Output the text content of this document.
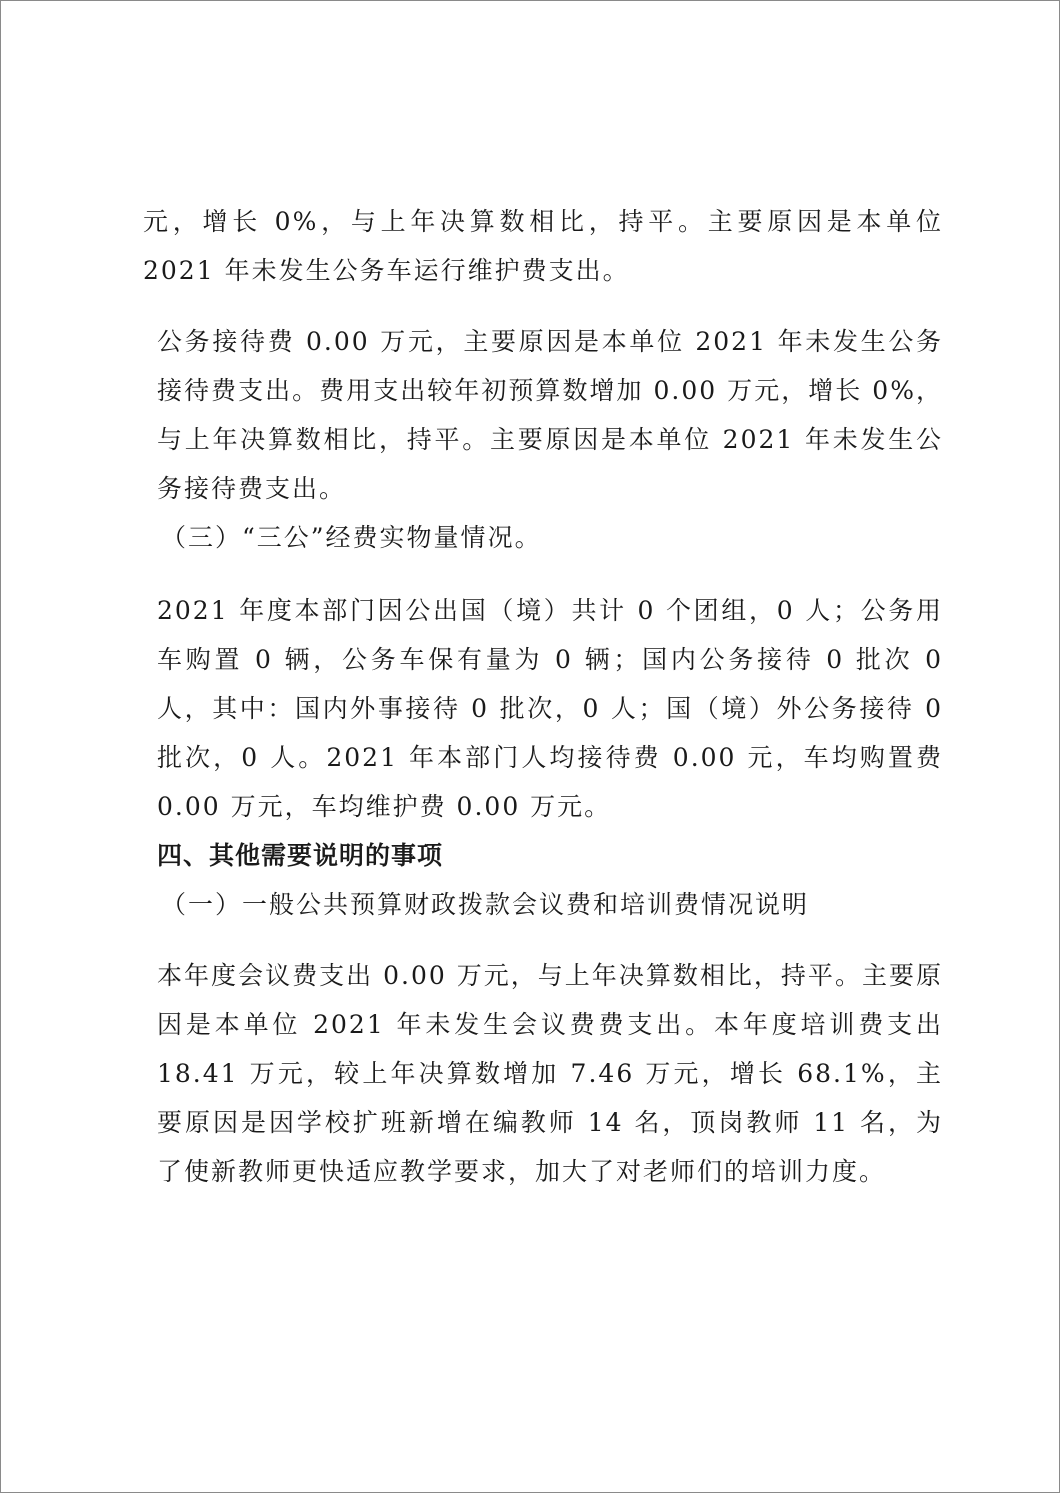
元，增长 0%，与上年决算数相比，持平。主要原因是本单位2021 年未发生公务车运行维护费支出。

公务接待费 0.00 万元，主要原因是本单位 2021 年未发生公务接待费支出。费用支出较年初预算数增加 0.00 万元，增长 0%，与上年决算数相比，持平。主要原因是本单位 2021 年未发生公务接待费支出。

（三）“三公”经费实物量情况。

2021 年度本部门因公出国（境）共计 0 个团组，0 人；公务用车购置 0 辆，公务车保有量为 0 辆；国内公务接待 0 批次 0 人，其中：国内外事接待 0 批次，0 人；国（境）外公务接待 0 批次，0 人。2021 年本部门人均接待费 0.00 元，车均购置费 0.00 万元，车均维护费 0.00 万元。

四、其他需要说明的事项

（一）一般公共预算财政拨款会议费和培训费情况说明

本年度会议费支出 0.00 万元，与上年决算数相比，持平。主要原因是本单位 2021 年未发生会议费费支出。本年度培训费支出 18.41 万元，较上年决算数增加 7.46 万元，增长 68.1%，主要原因是因学校扩班新增在编教师 14 名，顶岗教师 11 名，为了使新教师更快适应教学要求，加大了对老师们的培训力度。
